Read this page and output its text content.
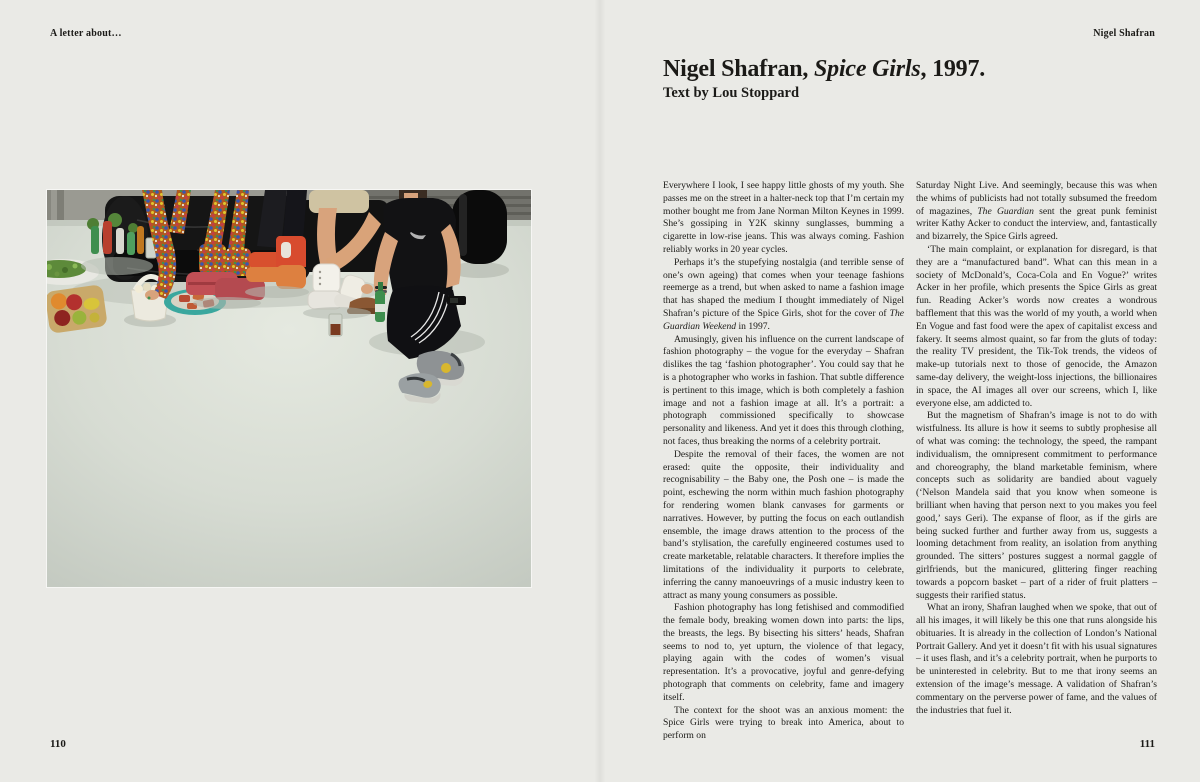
A letter about…	Nigel Shafran
Nigel Shafran, Spice Girls, 1997.
Text by Lou Stoppard

Everywhere I look, I see happy little ghosts of my youth. She passes me on the street in a halter-neck top that I’m certain my mother bought me from Jane Norman Milton Keynes in 1999. She’s gossiping in Y2K skinny sunglasses, bumming a cigarette in low-rise jeans. This was always coming. Fashion reliably works in 20 year cycles.

Perhaps it’s the stupefying nostalgia (and terrible sense of one’s own ageing) that comes when your teenage fashions reemerge as a trend, but when asked to name a fashion image that has shaped the medium I thought immediately of Nigel Shafran’s picture of the Spice Girls, shot for the cover of The Guardian Weekend in 1997.

Amusingly, given his influence on the current landscape of fashion photography – the vogue for the everyday – Shafran dislikes the tag ‘fashion photographer’. You could say that he is a photographer who works in fashion. That subtle difference is pertinent to this image, which is both completely a fashion image and not a fashion image at all. It’s a portrait: a photograph commissioned specifically to showcase personality and likeness. And yet it does this through clothing, not faces, thus breaking the norms of a celebrity portrait.

Despite the removal of their faces, the women are not erased: quite the opposite, their individuality and recognisability – the Baby one, the Posh one – is made the point, eschewing the norm within much fashion photography for rendering women blank canvases for garments or narratives. However, by putting the focus on each outlandish ensemble, the image draws attention to the process of the band’s stylisation, the carefully engineered costumes used to create marketable, relatable characters. It therefore implies the limitations of the individuality it purports to celebrate, inferring the canny manoeuvrings of a music industry keen to attract as many young consumers as possible.

Fashion photography has long fetishised and commodified the female body, breaking women down into parts: the lips, the breasts, the legs. By bisecting his sitters’ heads, Shafran seems to nod to, yet upturn, the violence of that legacy, playing again with the codes of women’s visual representation. It’s a provocative, joyful and genre-defying photograph that comments on celebrity, fame and imagery itself.

The context for the shoot was an anxious moment: the Spice Girls were trying to break into America, about to perform on

Saturday Night Live. And seemingly, because this was when the whims of publicists had not totally subsumed the freedom of magazines, The Guardian sent the great punk feminist writer Kathy Acker to conduct the interview, and, fantastically and bizarrely, the Spice Girls agreed.

‘The main complaint, or explanation for disregard, is that they are a “manufactured band”. What can this mean in a society of McDonald’s, Coca-Cola and En Vogue?’ writes Acker in her profile, which presents the Spice Girls as great fun. Reading Acker’s words now creates a wondrous bafflement that this was the world of my youth, a world when En Vogue and fast food were the apex of capitalist excess and fakery. It seems almost quaint, so far from the gluts of today: the reality TV president, the Tik-Tok trends, the videos of make-up tutorials next to those of genocide, the Amazon same-day delivery, the weight-loss injections, the billionaires in space, the AI images all over our screens, which I, like everyone else, am addicted to.

But the magnetism of Shafran’s image is not to do with wistfulness. Its allure is how it seems to subtly prophesise all of what was coming: the technology, the speed, the rampant individualism, the omnipresent commitment to performance and choreography, the bland marketable feminism, where concepts such as solidarity are bandied about vaguely (‘Nelson Mandela said that you know when someone is brilliant when having that person next to you makes you feel good,’ says Geri). The expanse of floor, as if the girls are being sucked further and further away from us, suggests a looming detachment from reality, an isolation from anything grounded. The sitters’ postures suggest a normal gaggle of girlfriends, but the manicured, glittering finger reaching towards a popcorn basket – part of a rider of fruit platters – suggests their rarified status.

What an irony, Shafran laughed when we spoke, that out of all his images, it will likely be this one that runs alongside his obituaries. It is already in the collection of London’s National Portrait Gallery. And yet it doesn’t fit with his usual signatures – it uses flash, and it’s a celebrity portrait, when he purports to be uninterested in celebrity. But to me that irony seems an extension of the image’s message. A validation of Shafran’s commentary on the perverse power of fame, and the values of the industries that fuel it.

110	111
